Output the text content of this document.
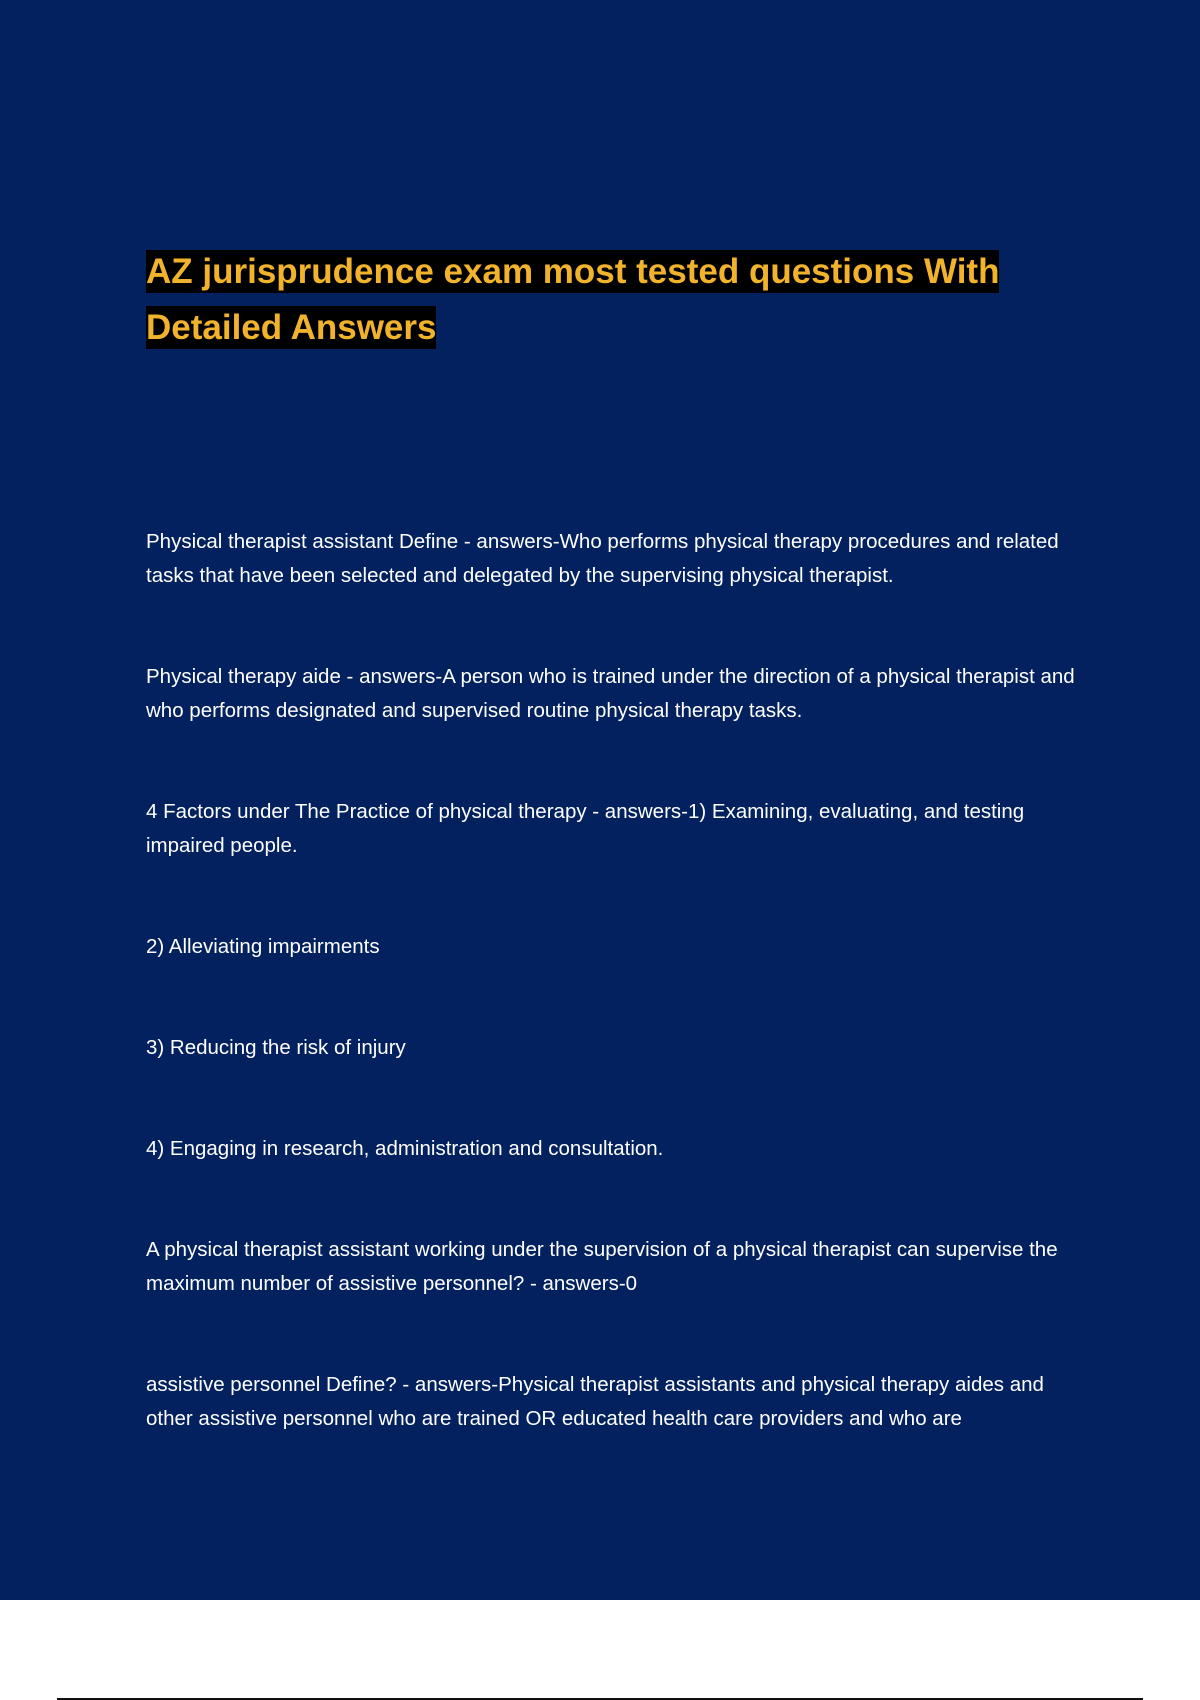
AZ jurisprudence exam most tested questions With Detailed Answers

Physical therapist assistant Define - answers-Who performs physical therapy procedures and related tasks that have been selected and delegated by the supervising physical therapist.

Physical therapy aide - answers-A person who is trained under the direction of a physical therapist and who performs designated and supervised routine physical therapy tasks.

4 Factors under The Practice of physical therapy - answers-1) Examining, evaluating, and testing impaired people.

2) Alleviating impairments

3) Reducing the risk of injury

4) Engaging in research, administration and consultation.

A physical therapist assistant working under the supervision of a physical therapist can supervise the maximum number of assistive personnel? - answers-0

assistive personnel Define? - answers-Physical therapist assistants and physical therapy aides and other assistive personnel who are trained OR educated health care providers and who are
